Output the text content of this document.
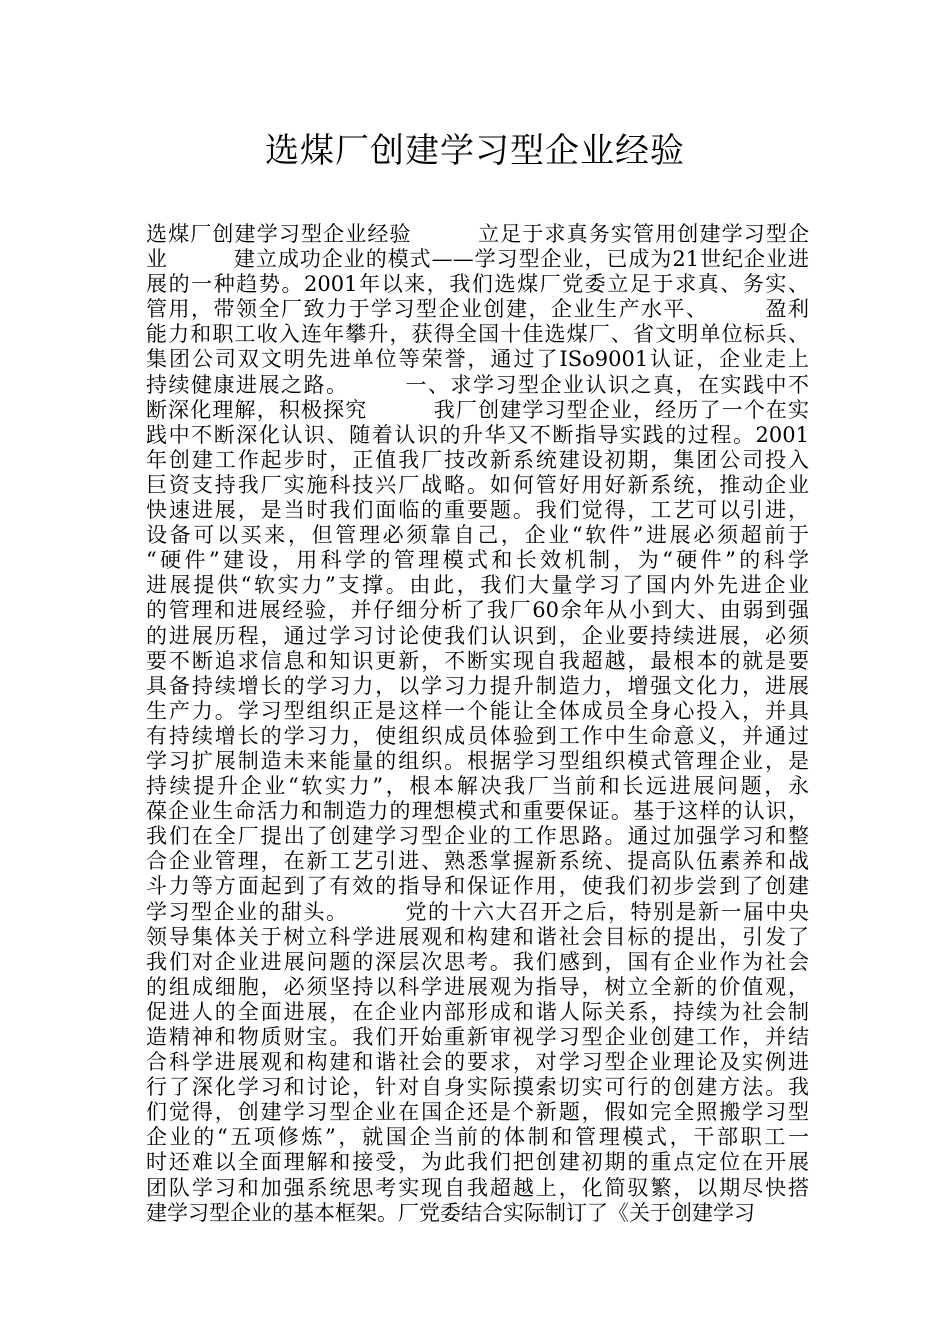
选煤厂创建学习型企业经验
选煤厂创建学习型企业经验　　　立足于求真务实管用创建学习型企
业　　　建立成功企业的模式——学习型企业，已成为21世纪企业进
展的一种趋势。2001年以来，我们选煤厂党委立足于求真、务实、
管用，带领全厂致力于学习型企业创建，企业生产水平、　　　盈利
能力和职工收入连年攀升，获得全国十佳选煤厂、省文明单位标兵、
集团公司双文明先进单位等荣誉，通过了ISo9001认证，企业走上
持续健康进展之路。　　　一、求学习型企业认识之真，在实践中不
断深化理解，积极探究　　　我厂创建学习型企业，经历了一个在实
践中不断深化认识、随着认识的升华又不断指导实践的过程。2001
年创建工作起步时，正值我厂技改新系统建设初期，集团公司投入
巨资支持我厂实施科技兴厂战略。如何管好用好新系统，推动企业
快速进展，是当时我们面临的重要题。我们觉得，工艺可以引进，
设备可以买来，但管理必须靠自己，企业“软件”进展必须超前于
“硬件”建设，用科学的管理模式和长效机制，为“硬件”的科学
进展提供“软实力”支撑。由此，我们大量学习了国内外先进企业
的管理和进展经验，并仔细分析了我厂60余年从小到大、由弱到强
的进展历程，通过学习讨论使我们认识到，企业要持续进展，必须
要不断追求信息和知识更新，不断实现自我超越，最根本的就是要
具备持续增长的学习力，以学习力提升制造力，增强文化力，进展
生产力。学习型组织正是这样一个能让全体成员全身心投入，并具
有持续增长的学习力，使组织成员体验到工作中生命意义，并通过
学习扩展制造未来能量的组织。根据学习型组织模式管理企业，是
持续提升企业“软实力”，根本解决我厂当前和长远进展问题，永
葆企业生命活力和制造力的理想模式和重要保证。基于这样的认识，
我们在全厂提出了创建学习型企业的工作思路。通过加强学习和整
合企业管理，在新工艺引进、熟悉掌握新系统、提高队伍素养和战
斗力等方面起到了有效的指导和保证作用，使我们初步尝到了创建
学习型企业的甜头。　　　党的十六大召开之后，特别是新一届中央
领导集体关于树立科学进展观和构建和谐社会目标的提出，引发了
我们对企业进展问题的深层次思考。我们感到，国有企业作为社会
的组成细胞，必须坚持以科学进展观为指导，树立全新的价值观，
促进人的全面进展，在企业内部形成和谐人际关系，持续为社会制
造精神和物质财宝。我们开始重新审视学习型企业创建工作，并结
合科学进展观和构建和谐社会的要求，对学习型企业理论及实例进
行了深化学习和讨论，针对自身实际摸索切实可行的创建方法。我
们觉得，创建学习型企业在国企还是个新题，假如完全照搬学习型
企业的“五项修炼”，就国企当前的体制和管理模式，干部职工一
时还难以全面理解和接受，为此我们把创建初期的重点定位在开展
团队学习和加强系统思考实现自我超越上，化简驭繁，以期尽快搭
建学习型企业的基本框架。厂党委结合实际制订了《关于创建学习
